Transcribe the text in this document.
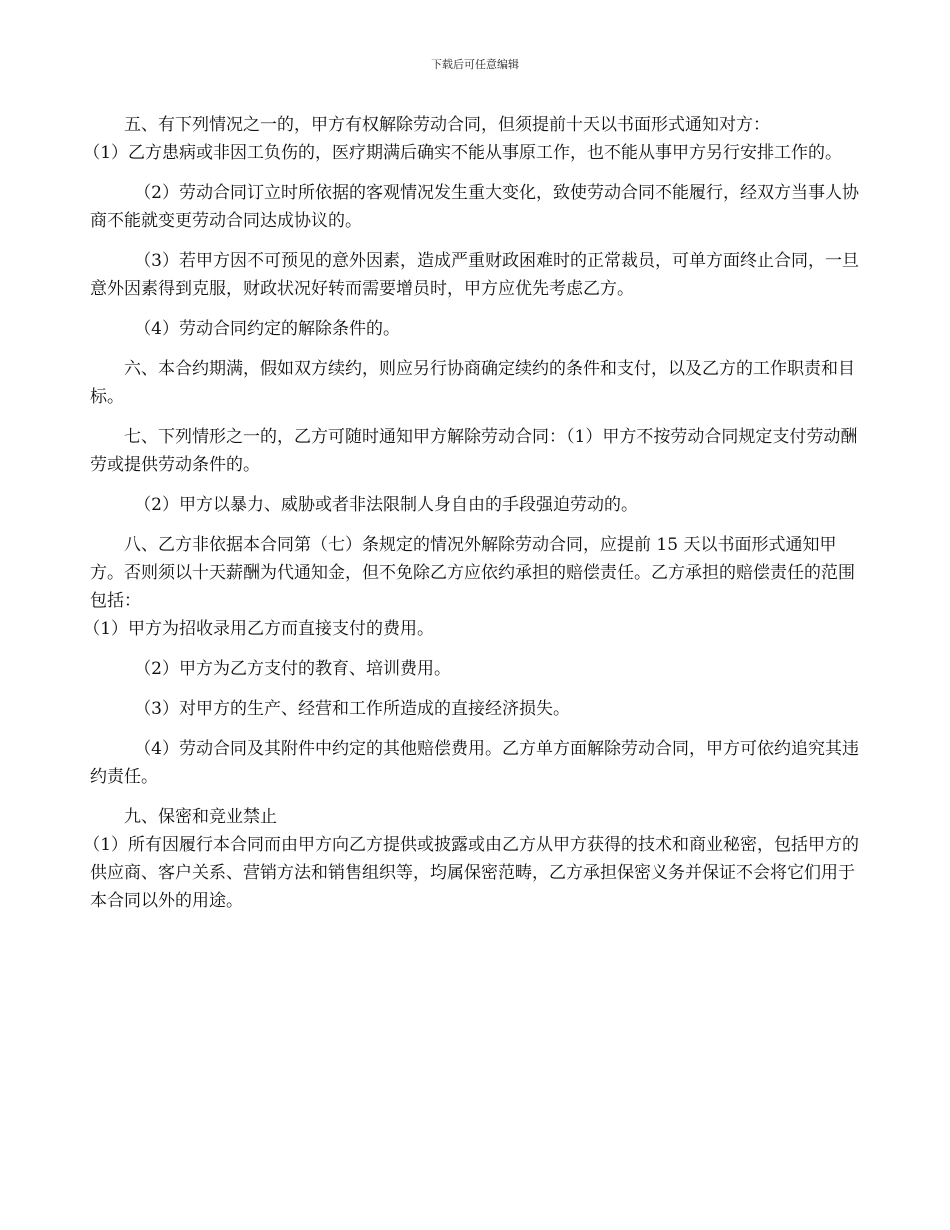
下载后可任意编辑

五、有下列情况之一的，甲方有权解除劳动合同，但须提前十天以书面形式通知对方：

（1）乙方患病或非因工负伤的，医疗期满后确实不能从事原工作，也不能从事甲方另行安排工作的。

（2）劳动合同订立时所依据的客观情况发生重大变化，致使劳动合同不能履行，经双方当事人协商不能就变更劳动合同达成协议的。

（3）若甲方因不可预见的意外因素，造成严重财政困难时的正常裁员，可单方面终止合同，一旦意外因素得到克服，财政状况好转而需要增员时，甲方应优先考虑乙方。

（4）劳动合同约定的解除条件的。

六、本合约期满，假如双方续约，则应另行协商确定续约的条件和支付，以及乙方的工作职责和目标。

七、下列情形之一的，乙方可随时通知甲方解除劳动合同：（1）甲方不按劳动合同规定支付劳动酬劳或提供劳动条件的。

（2）甲方以暴力、威胁或者非法限制人身自由的手段强迫劳动的。

八、乙方非依据本合同第（七）条规定的情况外解除劳动合同，应提前 15 天以书面形式通知甲方。否则须以十天薪酬为代通知金，但不免除乙方应依约承担的赔偿责任。乙方承担的赔偿责任的范围包括：

（1）甲方为招收录用乙方而直接支付的费用。

（2）甲方为乙方支付的教育、培训费用。

（3）对甲方的生产、经营和工作所造成的直接经济损失。

（4）劳动合同及其附件中约定的其他赔偿费用。乙方单方面解除劳动合同，甲方可依约追究其违约责任。

九、保密和竞业禁止

（1）所有因履行本合同而由甲方向乙方提供或披露或由乙方从甲方获得的技术和商业秘密，包括甲方的供应商、客户关系、营销方法和销售组织等，均属保密范畴，乙方承担保密义务并保证不会将它们用于本合同以外的用途。
